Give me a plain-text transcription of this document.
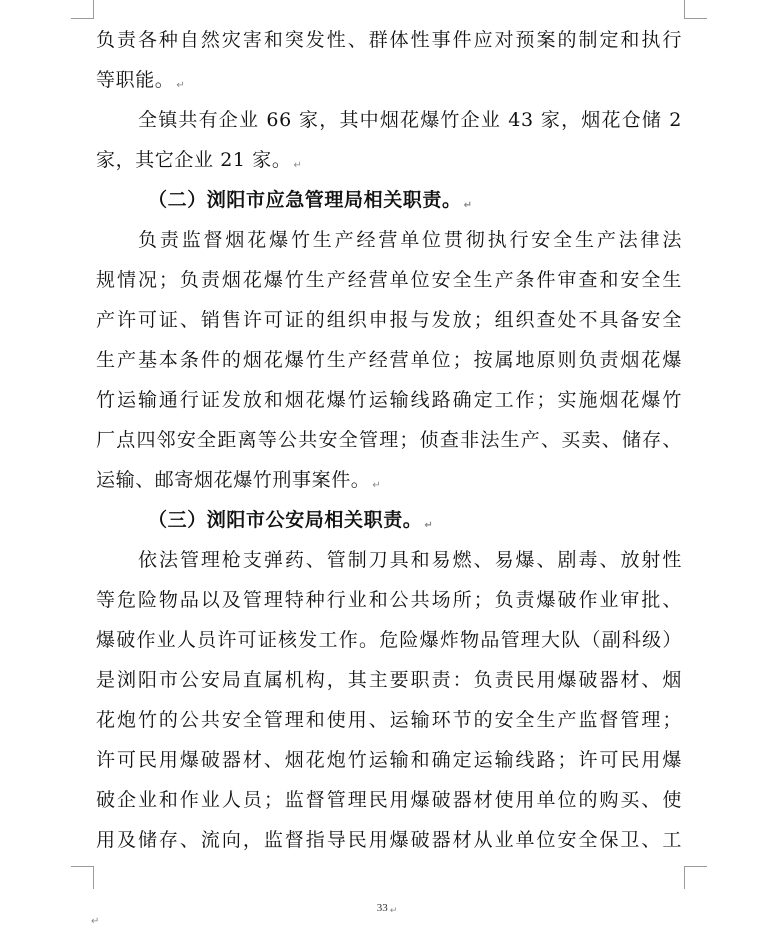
负责各种自然灾害和突发性、群体性事件应对预案的制定和执行
等职能。 ↵
全镇共有企业 66 家，其中烟花爆竹企业 43 家，烟花仓储 2
家，其它企业 21 家。 ↵
（二）浏阳市应急管理局相关职责。 ↵
负责监督烟花爆竹生产经营单位贯彻执行安全生产法律法
规情况；负责烟花爆竹生产经营单位安全生产条件审查和安全生
产许可证、销售许可证的组织申报与发放；组织查处不具备安全
生产基本条件的烟花爆竹生产经营单位；按属地原则负责烟花爆
竹运输通行证发放和烟花爆竹运输线路确定工作；实施烟花爆竹
厂点四邻安全距离等公共安全管理；侦查非法生产、买卖、储存、
运输、邮寄烟花爆竹刑事案件。 ↵
（三）浏阳市公安局相关职责。 ↵
依法管理枪支弹药、管制刀具和易燃、易爆、剧毒、放射性
等危险物品以及管理特种行业和公共场所；负责爆破作业审批、
爆破作业人员许可证核发工作。危险爆炸物品管理大队（副科级）
是浏阳市公安局直属机构，其主要职责：负责民用爆破器材、烟
花炮竹的公共安全管理和使用、运输环节的安全生产监督管理；
许可民用爆破器材、烟花炮竹运输和确定运输线路；许可民用爆
破企业和作业人员；监督管理民用爆破器材使用单位的购买、使
用及储存、流向，监督指导民用爆破器材从业单位安全保卫、工
33 ↵
↵
